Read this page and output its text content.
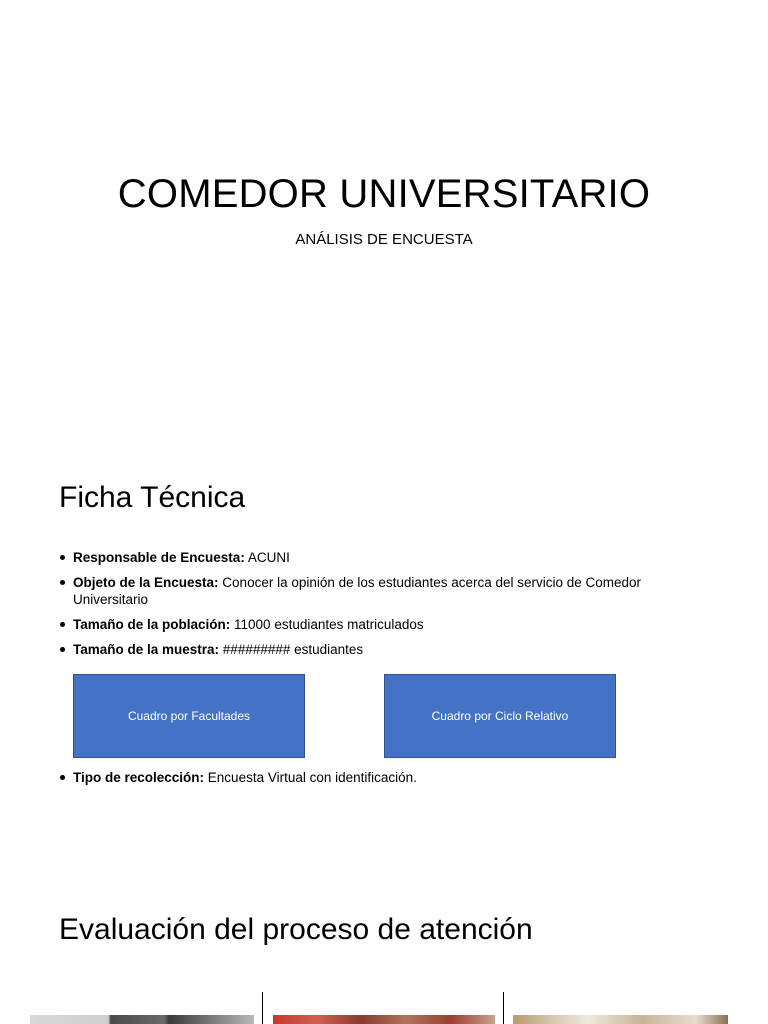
COMEDOR UNIVERSITARIO
ANÁLISIS DE ENCUESTA
Ficha Técnica
Responsable de Encuesta: ACUNI
Objeto de la Encuesta: Conocer la opinión de los estudiantes acerca del servicio de Comedor Universitario
Tamaño de la población: 11000 estudiantes matriculados
Tamaño de la muestra: ######### estudiantes
Cuadro por Facultades	Cuadro por Ciclo Relativo
Tipo de recolección: Encuesta Virtual con identificación.
Evaluación del proceso de atención
